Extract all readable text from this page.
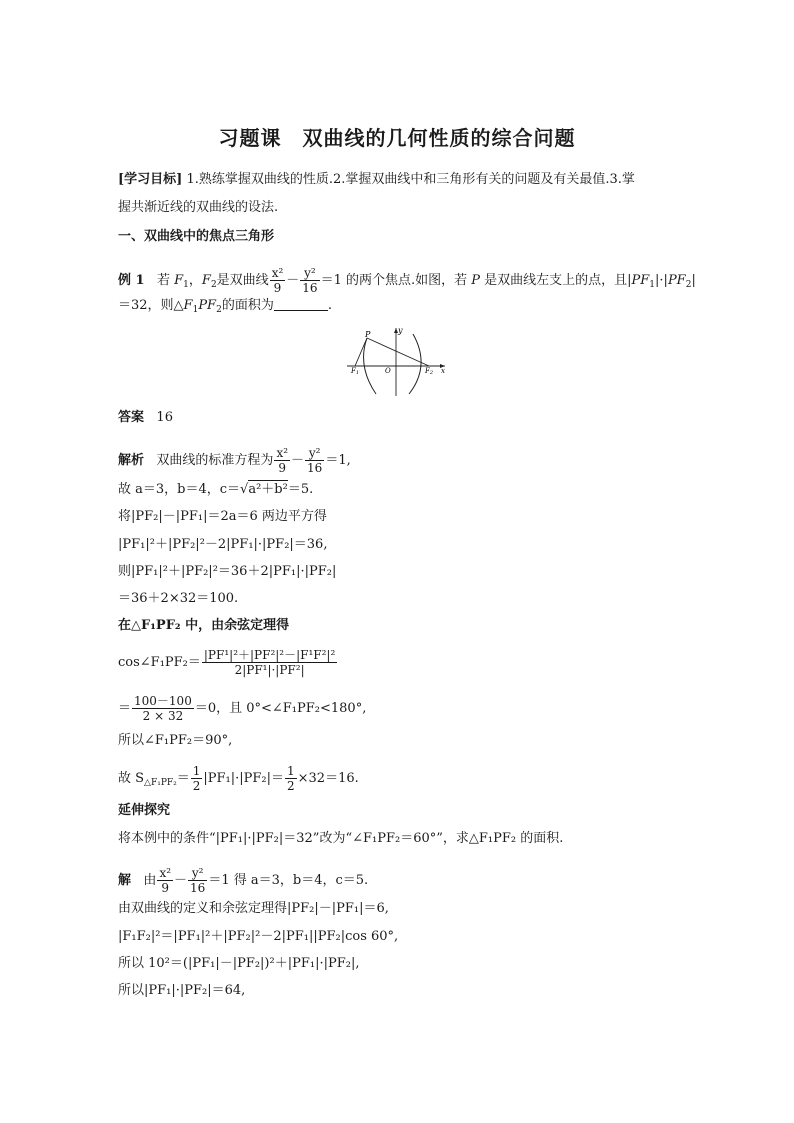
习题课　双曲线的几何性质的综合问题
[学习目标] 1.熟练掌握双曲线的性质.2.掌握双曲线中和三角形有关的问题及有关最值.3.掌
握共渐近线的双曲线的设法.
一、双曲线中的焦点三角形
例 1 若 $F_1$，$F_2$是双曲线 $\frac{\text{x²}}{9} - \frac{\text{y²}}{16} =1$ 的两个焦点.如图，若 P 是双曲线左支上的点，且$|PF_1|\cdot|PF_2|$
＝32，则$\triangle F_1PF_2$的面积为	.
P	y
F1	O	F2 x
答案 16
解析 双曲线的标准方程为 $\frac{\text{x²}}{9} - \frac{\text{y²}}{16} =1$,
故 a＝3，b＝4，c＝√a²＋b²＝5.
将|PF₂|－|PF₁|＝2a＝6 两边平方得
|PF₁|²＋|PF₂|²－2|PF₁|·|PF₂|＝36,
则|PF₁|²＋|PF₂|²＝36＋2|PF₁|·|PF₂|
＝36＋2×32＝100.
在△F₁PF₂ 中，由余弦定理得
cos∠F₁PF₂＝ $\frac{\text{|PF¹|²＋|PF²|²－|F¹F²|²}}{\text{2|PF¹|·|PF²|}}$
＝ $\frac{100-100}{2 \times 32} =0$，且 0°<∠F₁PF₂<180°,
所以∠F₁PF₂＝90°,
故 $S_{\triangle F_1PF_2}= \frac{1}{2} |PF_1|\cdot|PF_2|= \frac{1}{2} \times 32=16$.
延伸探究
将本例中的条件“|PF₁|·|PF₂|＝32”改为“∠F₁PF₂＝60°”，求△F₁PF₂ 的面积.
解 由 $\frac{\text{x²}}{9} - \frac{\text{y²}}{16} =1$ 得 a＝3，b＝4，c＝5.
由双曲线的定义和余弦定理得|PF₂|－|PF₁|＝6,
|F₁F₂|²＝|PF₁|²＋|PF₂|²－2|PF₁||PF₂|cos 60°,
所以 10²＝(|PF₁|－|PF₂|)²＋|PF₁|·|PF₂|,
所以|PF₁|·|PF₂|＝64,
